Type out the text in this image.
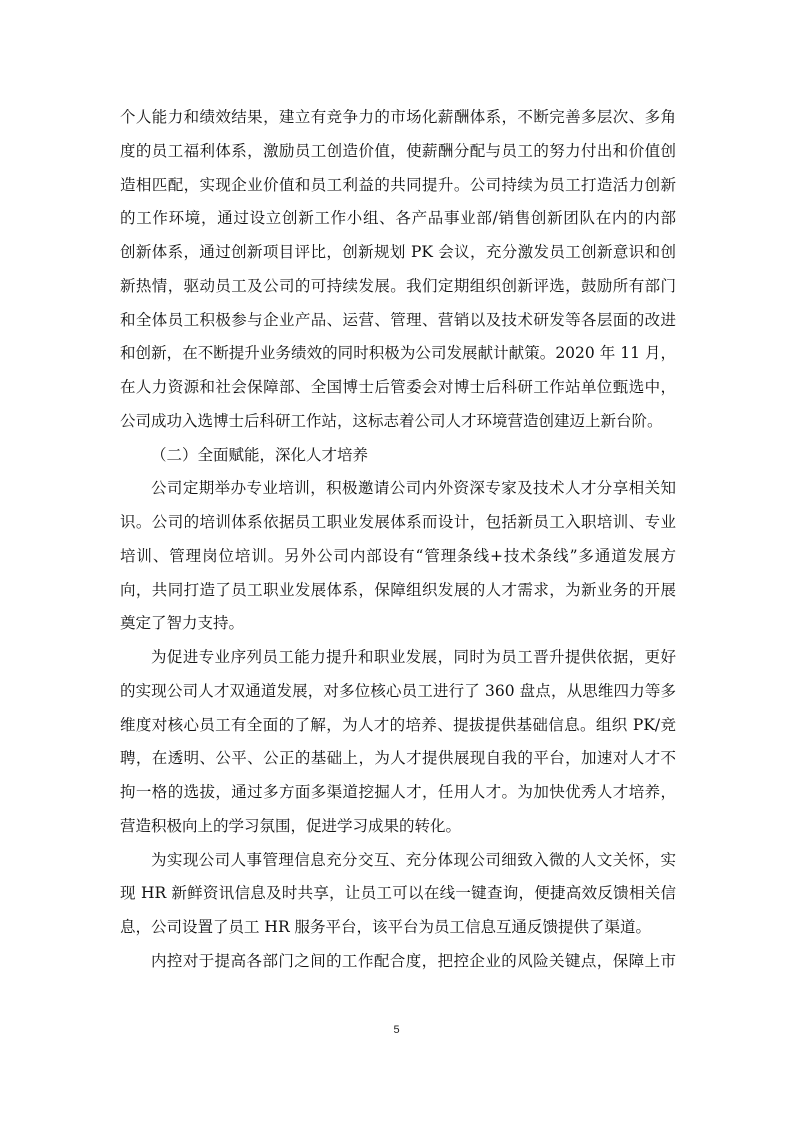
个人能力和绩效结果，建立有竞争力的市场化薪酬体系，不断完善多层次、多角
度的员工福利体系，激励员工创造价值，使薪酬分配与员工的努力付出和价值创
造相匹配，实现企业价值和员工利益的共同提升。公司持续为员工打造活力创新
的工作环境，通过设立创新工作小组、各产品事业部/销售创新团队在内的内部
创新体系，通过创新项目评比，创新规划 PK 会议，充分激发员工创新意识和创
新热情，驱动员工及公司的可持续发展。我们定期组织创新评选，鼓励所有部门
和全体员工积极参与企业产品、运营、管理、营销以及技术研发等各层面的改进
和创新，在不断提升业务绩效的同时积极为公司发展献计献策。2020 年 11 月，
在人力资源和社会保障部、全国博士后管委会对博士后科研工作站单位甄选中，
公司成功入选博士后科研工作站，这标志着公司人才环境营造创建迈上新台阶。
（二）全面赋能，深化人才培养
公司定期举办专业培训，积极邀请公司内外资深专家及技术人才分享相关知
识。公司的培训体系依据员工职业发展体系而设计，包括新员工入职培训、专业
培训、管理岗位培训。另外公司内部设有“管理条线+技术条线”多通道发展方
向，共同打造了员工职业发展体系，保障组织发展的人才需求，为新业务的开展
奠定了智力支持。
为促进专业序列员工能力提升和职业发展，同时为员工晋升提供依据，更好
的实现公司人才双通道发展，对多位核心员工进行了 360 盘点，从思维四力等多
维度对核心员工有全面的了解，为人才的培养、提拔提供基础信息。组织 PK/竞
聘，在透明、公平、公正的基础上，为人才提供展现自我的平台，加速对人才不
拘一格的选拔，通过多方面多渠道挖掘人才，任用人才。为加快优秀人才培养，
营造积极向上的学习氛围，促进学习成果的转化。
为实现公司人事管理信息充分交互、充分体现公司细致入微的人文关怀，实
现 HR 新鲜资讯信息及时共享，让员工可以在线一键查询，便捷高效反馈相关信
息，公司设置了员工 HR 服务平台，该平台为员工信息互通反馈提供了渠道。
内控对于提高各部门之间的工作配合度，把控企业的风险关键点，保障上市
5
